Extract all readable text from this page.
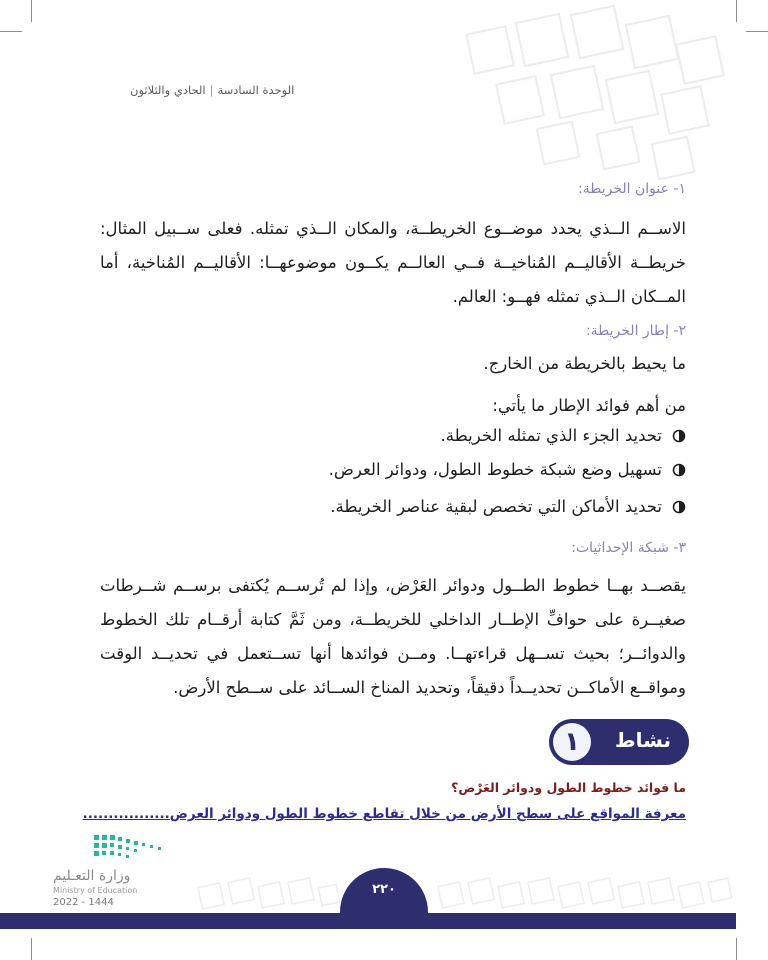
الوحدة السادسة|الحادي والثلاثون
١- عنوان الخريطة:
الاســم الــذي يحدد موضــوع الخريطــة، والمكان الــذي تمثله. فعلى ســبيل المثال: خريطــة الأقاليــم المُناخيــة فــي العالــم يكــون موضوعهــا: الأقاليــم المُناخية، أما المــكان الــذي تمثله فهــو: العالم.
٢- إطار الخريطة:
ما يحيط بالخريطة من الخارج.
من أهم فوائد الإطار ما يأتي:
تحديد الجزء الذي تمثله الخريطة.
تسهيل وضع شبكة خطوط الطول، ودوائر العرض.
تحديد الأماكن التي تخصص لبقية عناصر الخريطة.
٣- شبكة الإحداثيات:
يقصــد بهــا خطوط الطــول ودوائر العَرْض، وإذا لم تُرســم يُكتفى برســم شــرطات صغيــرة على حوافِّ الإطــار الداخلي للخريطــة، ومن ثَمَّ كتابة أرقــام تلك الخطوط والدوائــر؛ بحيث تســهل قراءتهــا. ومــن فوائدها أنها تســتعمل في تحديــد الوقت ومواقــع الأماكــن تحديــداً دقيقاً، وتحديد المناخ الســائد على ســطح الأرض.
نشاط
١
ما فوائد خطوط الطول ودوائر العَرْض؟
معرفة المواقع على سطح الأرض من خلال تقاطع خطوط الطول ودوائر العرض.................
وزارة التعـليم
Ministry of Education
2022 - 1444
٢٢٠
